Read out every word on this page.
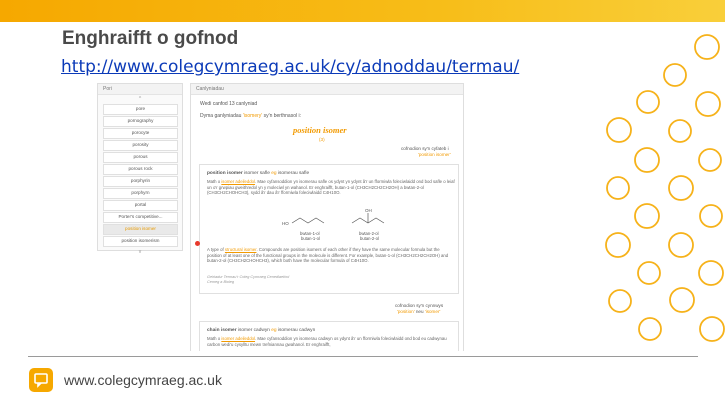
Enghraifft o gofnod
http://www.colegcymraeg.ac.uk/cy/adnoddau/termau/
Pori
^
pore
pornography
porocyte
porosity
porous
porous rock
porphyrin
porphyrn
portal
Porter's competitive...
position isomer
position isomerism
v
Canlyniadau
Wedi canfod 13 canlyniad
Dyma ganlyniadau 'isomery' sy'n berthnasol i:
position isomer
(3)
cofnodion sy'n cyfateb i
'position isomer'
position isomer isomer safle eg isomerau safle
Math o isomer adeileddol. Mae cyfansoddion yn isomerau safle os ydynt yn ydynt â'r un fformiwla foleciwlaidd ond bod safle o leiaf un o'r grwpiau gweithredol yn y moleciwl yn wahanol. Er enghraifft, butan-1-ol (CH3CH2CH2CH2OH) a bwtan-2-ol (CH3CH2CHOHCH3), sydd â'r dau â'r fformiwla foleciwlaidd C4H10O.
HO
OH
bwtan-1-ol
butan-1-ol
bwtan-2-ol
butan-2-ol
A type of structural isomer. Compounds are position isomers of each other if they have the same molecular formula but the position of at least one of the functional groups in the molecule is different. For example, butan-1-ol (CH3CH2CH2CH2OH) and butan-2-ol (CH3CH2CHOHCH3), which both have the molecular formula of C4H10O.
Geiriadur Termau'r Coleg Cymraeg Cenedlaethol
Cemeg a Bioleg
cofnodion sy'n cynnwys
'position' neu 'isomer'
chain isomer isomer cadwyn eg isomerau cadwyn
Math o isomer adeileddol. Mae cyfansoddion yn isomerau cadwyn os ydynt â'r un fformiwla foleciwlaidd ond bod eu cadwynau carbon wedi'u cysylltu mewn trefniannau gwahanol. Er enghraifft,
www.colegcymraeg.ac.uk
